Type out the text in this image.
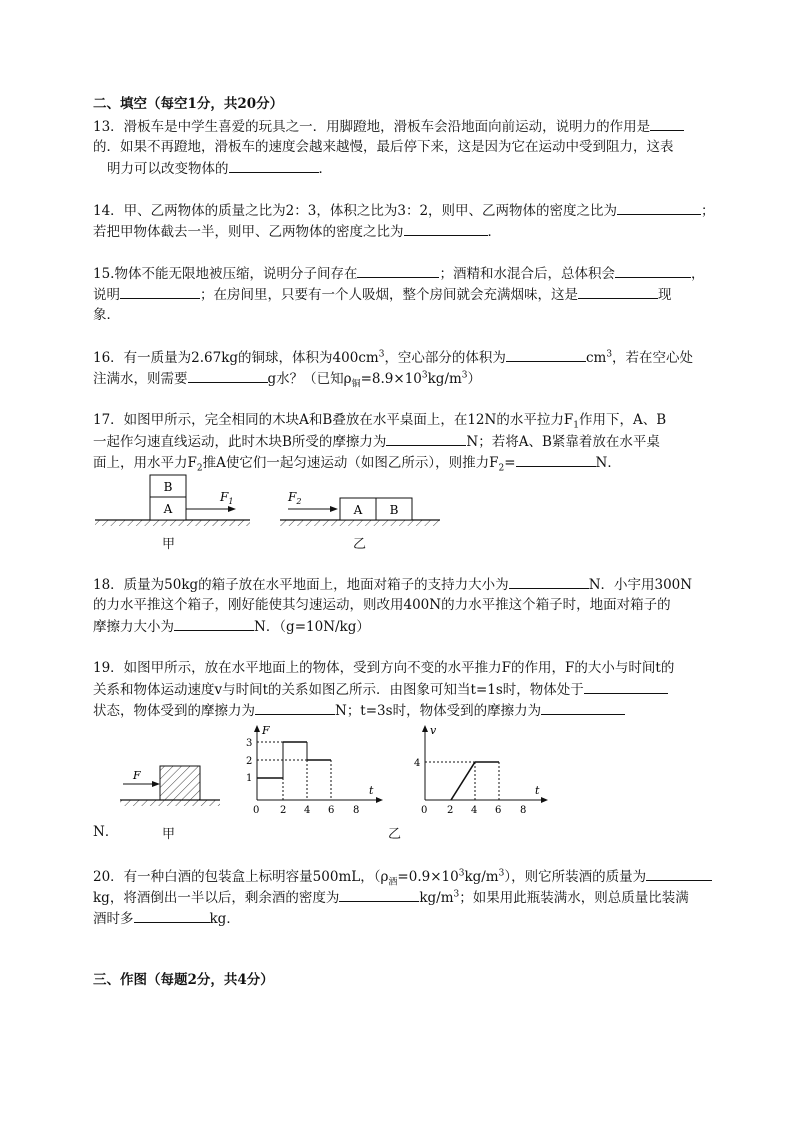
二、填空（每空1分，共20分）
13．滑板车是中学生喜爱的玩具之一．用脚蹬地，滑板车会沿地面向前运动，说明力的作用是
的．如果不再蹬地，滑板车的速度会越来越慢，最后停下来，这是因为它在运动中受到阻力，这表
明力可以改变物体的	．
14．甲、乙两物体的质量之比为2：3，体积之比为3：2，则甲、乙两物体的密度之比为	；
若把甲物体截去一半，则甲、乙两物体的密度之比为	．
15.物体不能无限地被压缩，说明分子间存在	；酒精和水混合后，总体积会	，
说明	；在房间里，只要有一个人吸烟，整个房间就会充满烟味，这是	现
象．
16．有一质量为2.67kg的铜球，体积为$400cm^3$，空心部分的体积为	$cm^3$，若在空心处
注满水，则需要	g水？（已知$\rho_铜=8.9\times 10^3kg/m^3$）
17．如图甲所示，完全相同的木块A和B叠放在水平桌面上，在12N的水平拉力$F_1$作用下，A、B
一起作匀速直线运动，此时木块B所受的摩擦力为	N；若将A、B紧靠着放在水平桌
面上，用水平力$F_2$推A使它们一起匀速运动（如图乙所示），则推力$F_2=$	N．
B
A
$F_1$
A B
$F_2$
甲	乙
18．质量为50kg的箱子放在水平地面上，地面对箱子的支持力大小为	N．小宇用300N
的力水平推这个箱子，刚好能使其匀速运动，则改用400N的力水平推这个箱子时，地面对箱子的
摩擦力大小为	N．（g=10N/kg）
19．如图甲所示，放在水平地面上的物体，受到方向不变的水平推力F的作用，F的大小与时间t的
关系和物体运动速度v与时间t的关系如图乙所示．由图象可知当t=1s时，物体处于
状态，物体受到的摩擦力为	N；t=3s时，物体受到的摩擦力为
F
F
t
1
2
3
0 2 4 6 8
v
t
4
0 2 4 6 8
N．	甲	乙
20．有一种白酒的包装盒上标明容量500mL，$(\rho_酒=0.9\times 10^3kg/m^3)$，则它所装酒的质量为
kg，将酒倒出一半以后，剩余酒的密度为	$kg/m^3$；如果用此瓶装满水，则总质量比装满
酒时多	kg．
三、作图（每题2分，共4分）
